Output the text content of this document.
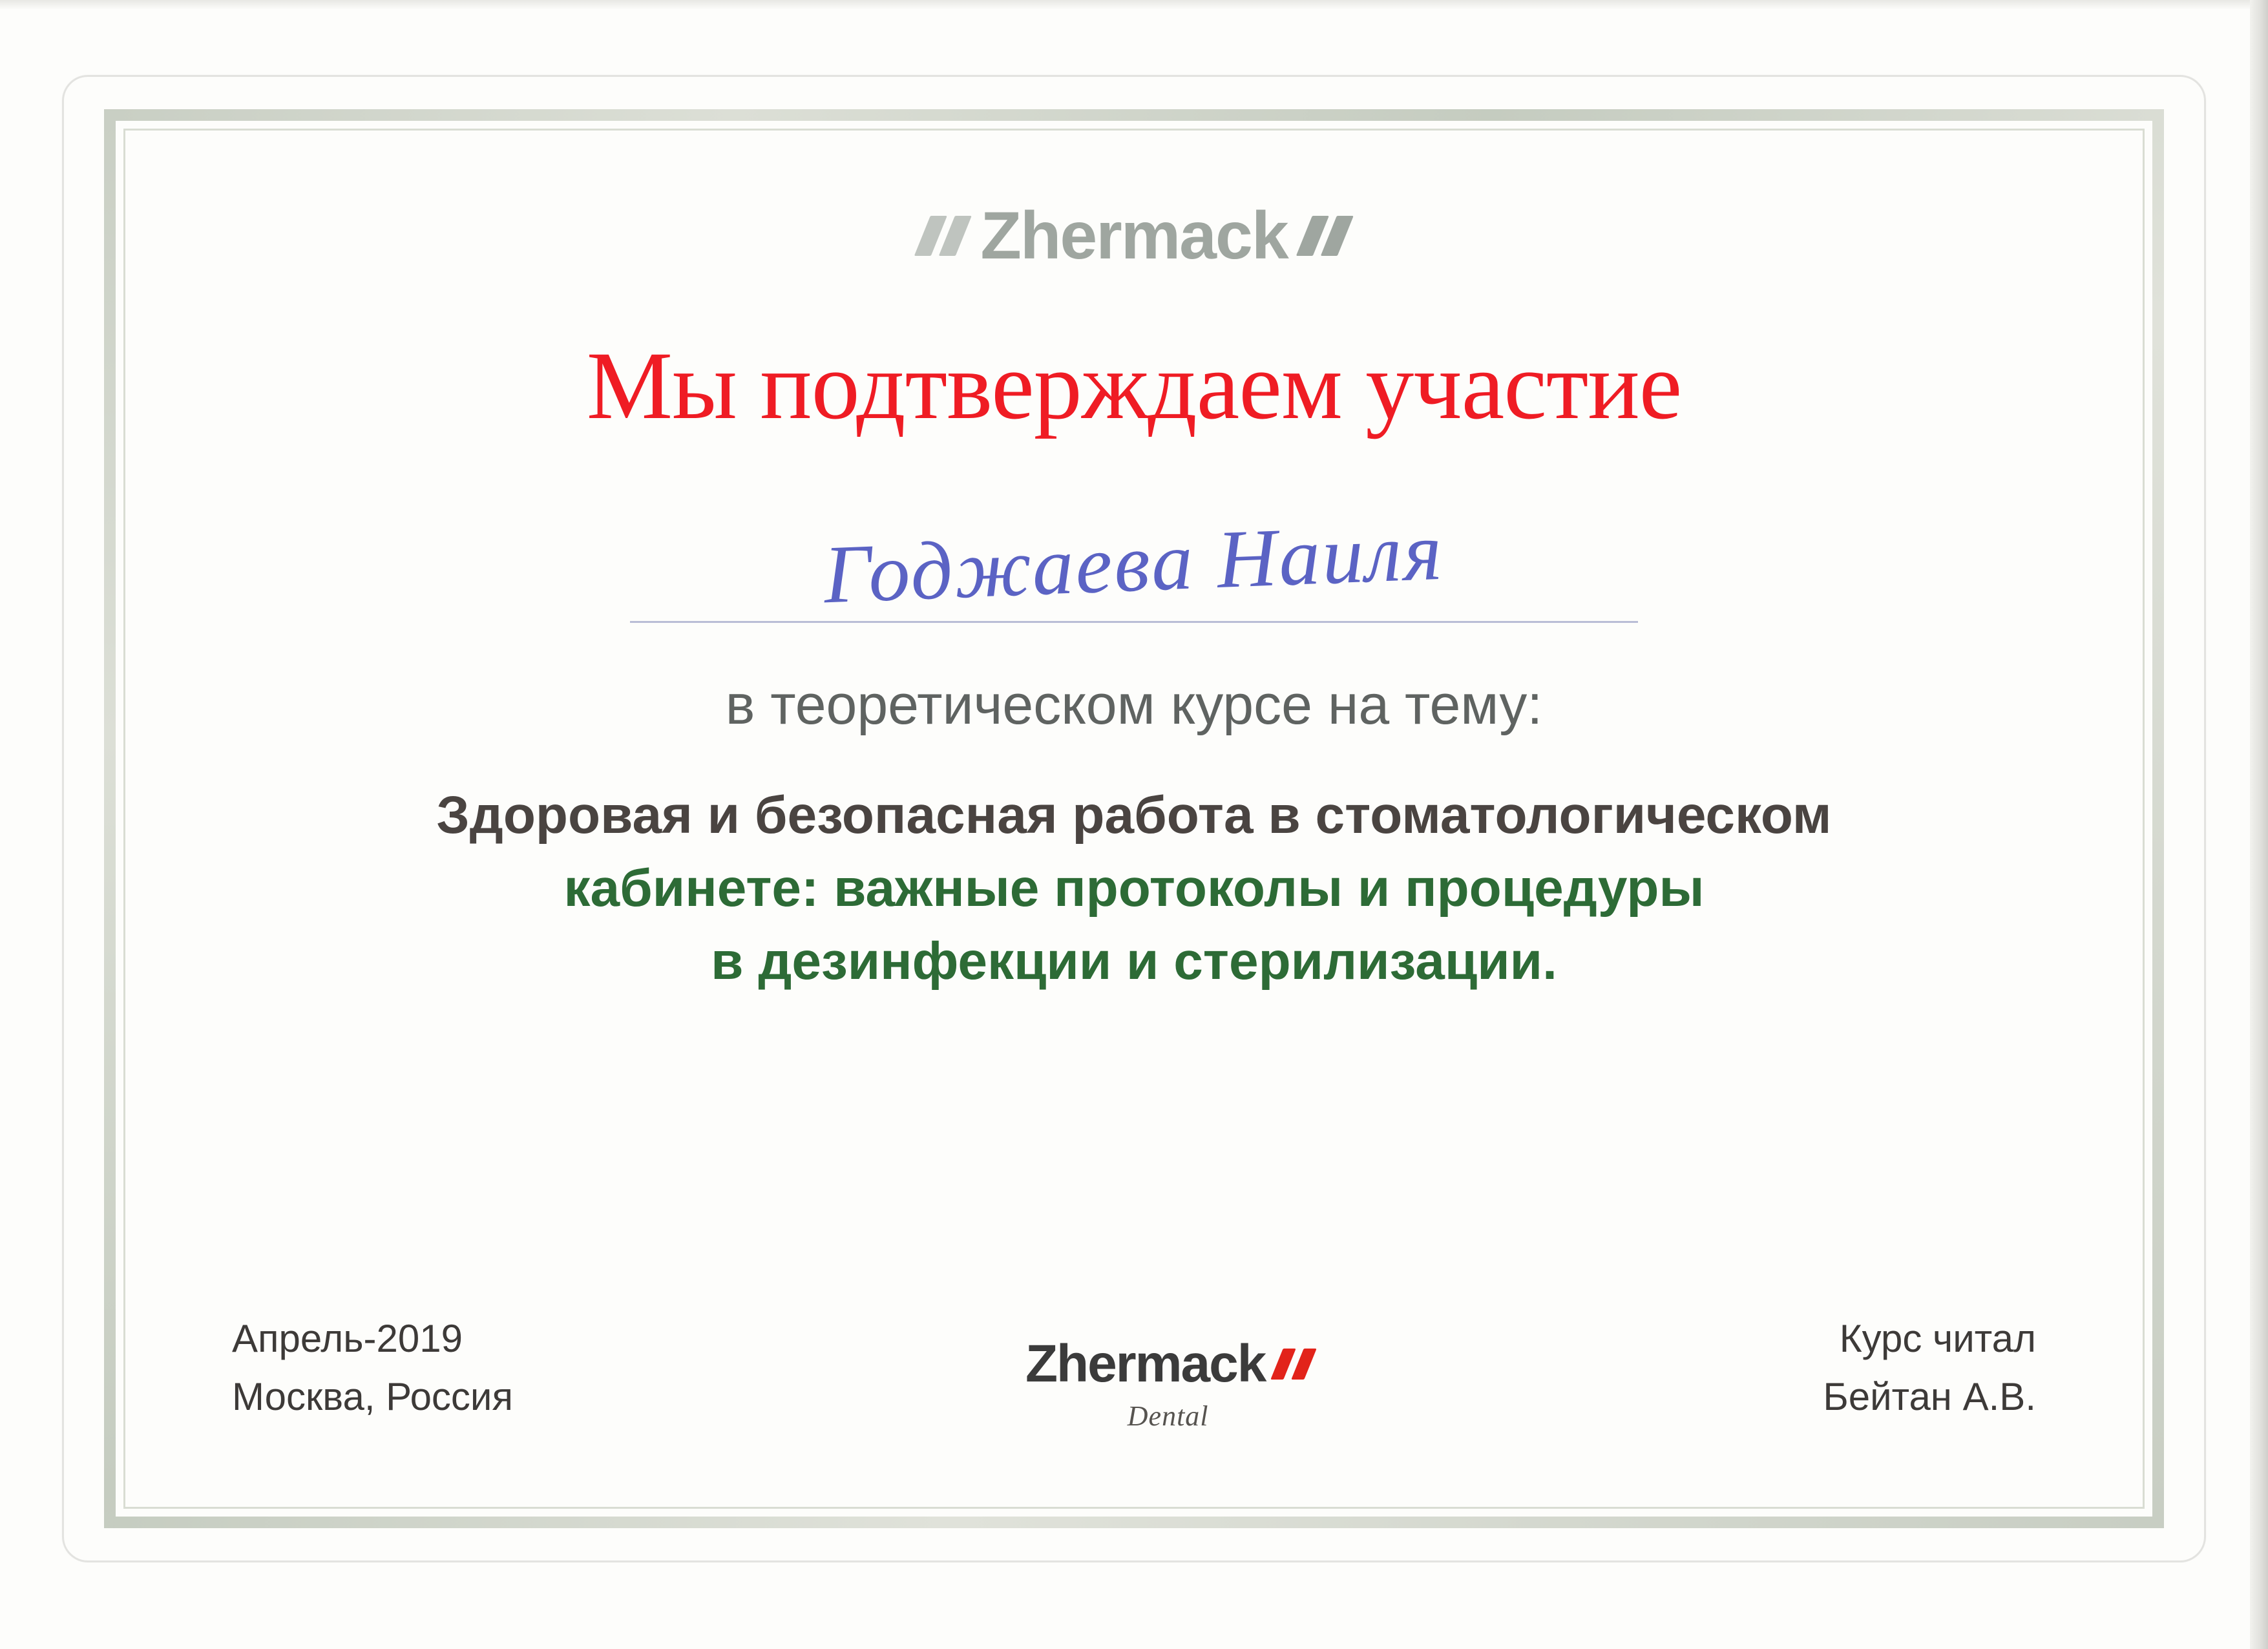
Zhermack
Мы подтверждаем участие
Годжаева Наиля
в теоретическом курсе на тему:
Здоровая и безопасная работа в стоматологическом
кабинете: важные протоколы и процедуры
в дезинфекции и стерилизации.
Апрель-2019
Москва, Россия
Zhermack
Dental
Курс читал
Бейтан А.В.
